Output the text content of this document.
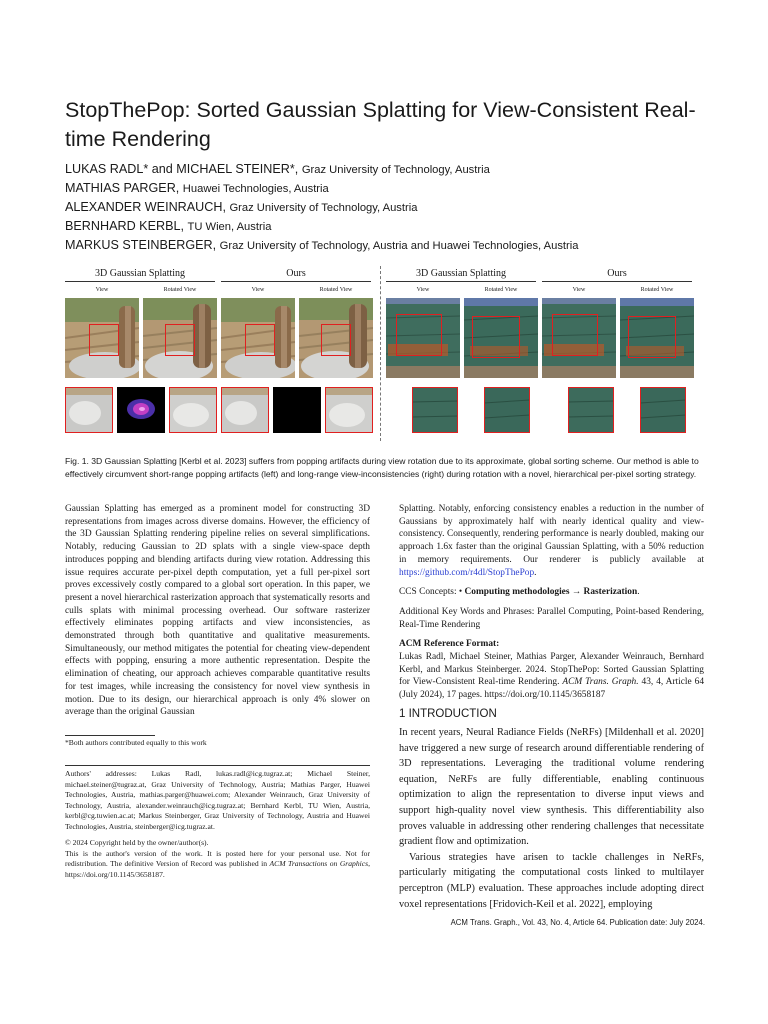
StopThePop: Sorted Gaussian Splatting for View-Consistent Real-time Rendering
LUKAS RADL* and MICHAEL STEINER*, Graz University of Technology, Austria
MATHIAS PARGER, Huawei Technologies, Austria
ALEXANDER WEINRAUCH, Graz University of Technology, Austria
BERNHARD KERBL, TU Wien, Austria
MARKUS STEINBERGER, Graz University of Technology, Austria and Huawei Technologies, Austria
3D Gaussian Splatting	Ours
View	Rotated View	View	Rotated View
3D Gaussian Splatting	Ours
View	Rotated View	View	Rotated View
Fig. 1. 3D Gaussian Splatting [Kerbl et al. 2023] suffers from popping artifacts during view rotation due to its approximate, global sorting scheme. Our method is able to effectively circumvent short-range popping artifacts (left) and long-range view-inconsistencies (right) during rotation with a novel, hierarchical per-pixel sorting strategy.

Gaussian Splatting has emerged as a prominent model for constructing 3D representations from images across diverse domains. However, the efficiency of the 3D Gaussian Splatting rendering pipeline relies on several simplifications. Notably, reducing Gaussian to 2D splats with a single view-space depth introduces popping and blending artifacts during view rotation. Addressing this issue requires accurate per-pixel depth computation, yet a full per-pixel sort proves excessively costly compared to a global sort operation. In this paper, we present a novel hierarchical rasterization approach that systematically resorts and culls splats with minimal processing overhead. Our software rasterizer effectively eliminates popping artifacts and view inconsistencies, as demonstrated through both quantitative and qualitative measurements. Simultaneously, our method mitigates the potential for cheating view-dependent effects with popping, ensuring a more authentic representation. Despite the elimination of cheating, our approach achieves comparable quantitative results for test images, while increasing the consistency for novel view synthesis in motion. Due to its design, our hierarchical approach is only 4% slower on average than the original Gaussian

*Both authors contributed equally to this work
Authors' addresses: Lukas Radl, lukas.radl@icg.tugraz.at; Michael Steiner, michael.steiner@tugraz.at, Graz University of Technology, Austria; Mathias Parger, Huawei Technologies, Austria, mathias.parger@huawei.com; Alexander Weinrauch, Graz University of Technology, Austria, alexander.weinrauch@icg.tugraz.at; Bernhard Kerbl, TU Wien, Austria, kerbl@cg.tuwien.ac.at; Markus Steinberger, Graz University of Technology, Austria and Huawei Technologies, Austria, steinberger@icg.tugraz.at.
© 2024 Copyright held by the owner/author(s).
This is the author's version of the work. It is posted here for your personal use. Not for redistribution. The definitive Version of Record was published in ACM Transactions on Graphics, https://doi.org/10.1145/3658187.

Splatting. Notably, enforcing consistency enables a reduction in the number of Gaussians by approximately half with nearly identical quality and view-consistency. Consequently, rendering performance is nearly doubled, making our approach 1.6x faster than the original Gaussian Splatting, with a 50% reduction in memory requirements. Our renderer is publicly available at https://github.com/r4dl/StopThePop.

CCS Concepts: • Computing methodologies → Rasterization.

Additional Key Words and Phrases: Parallel Computing, Point-based Rendering, Real-Time Rendering

ACM Reference Format:

Lukas Radl, Michael Steiner, Mathias Parger, Alexander Weinrauch, Bernhard Kerbl, and Markus Steinberger. 2024. StopThePop: Sorted Gaussian Splatting for View-Consistent Real-time Rendering. ACM Trans. Graph. 43, 4, Article 64 (July 2024), 17 pages. https://doi.org/10.1145/3658187

1 INTRODUCTION

In recent years, Neural Radiance Fields (NeRFs) [Mildenhall et al. 2020] have triggered a new surge of research around differentiable rendering of 3D representations. Leveraging the traditional volume rendering equation, NeRFs are fully differentiable, enabling continuous optimization to align the representation to diverse input views and support high-quality novel view synthesis. This differentiability also proves valuable in addressing other rendering challenges that necessitate gradient flow and optimization.

Various strategies have arisen to tackle challenges in NeRFs, particularly mitigating the computational costs linked to multilayer perceptron (MLP) evaluation. These approaches include adopting direct voxel representations [Fridovich-Keil et al. 2022], employing

ACM Trans. Graph., Vol. 43, No. 4, Article 64. Publication date: July 2024.
